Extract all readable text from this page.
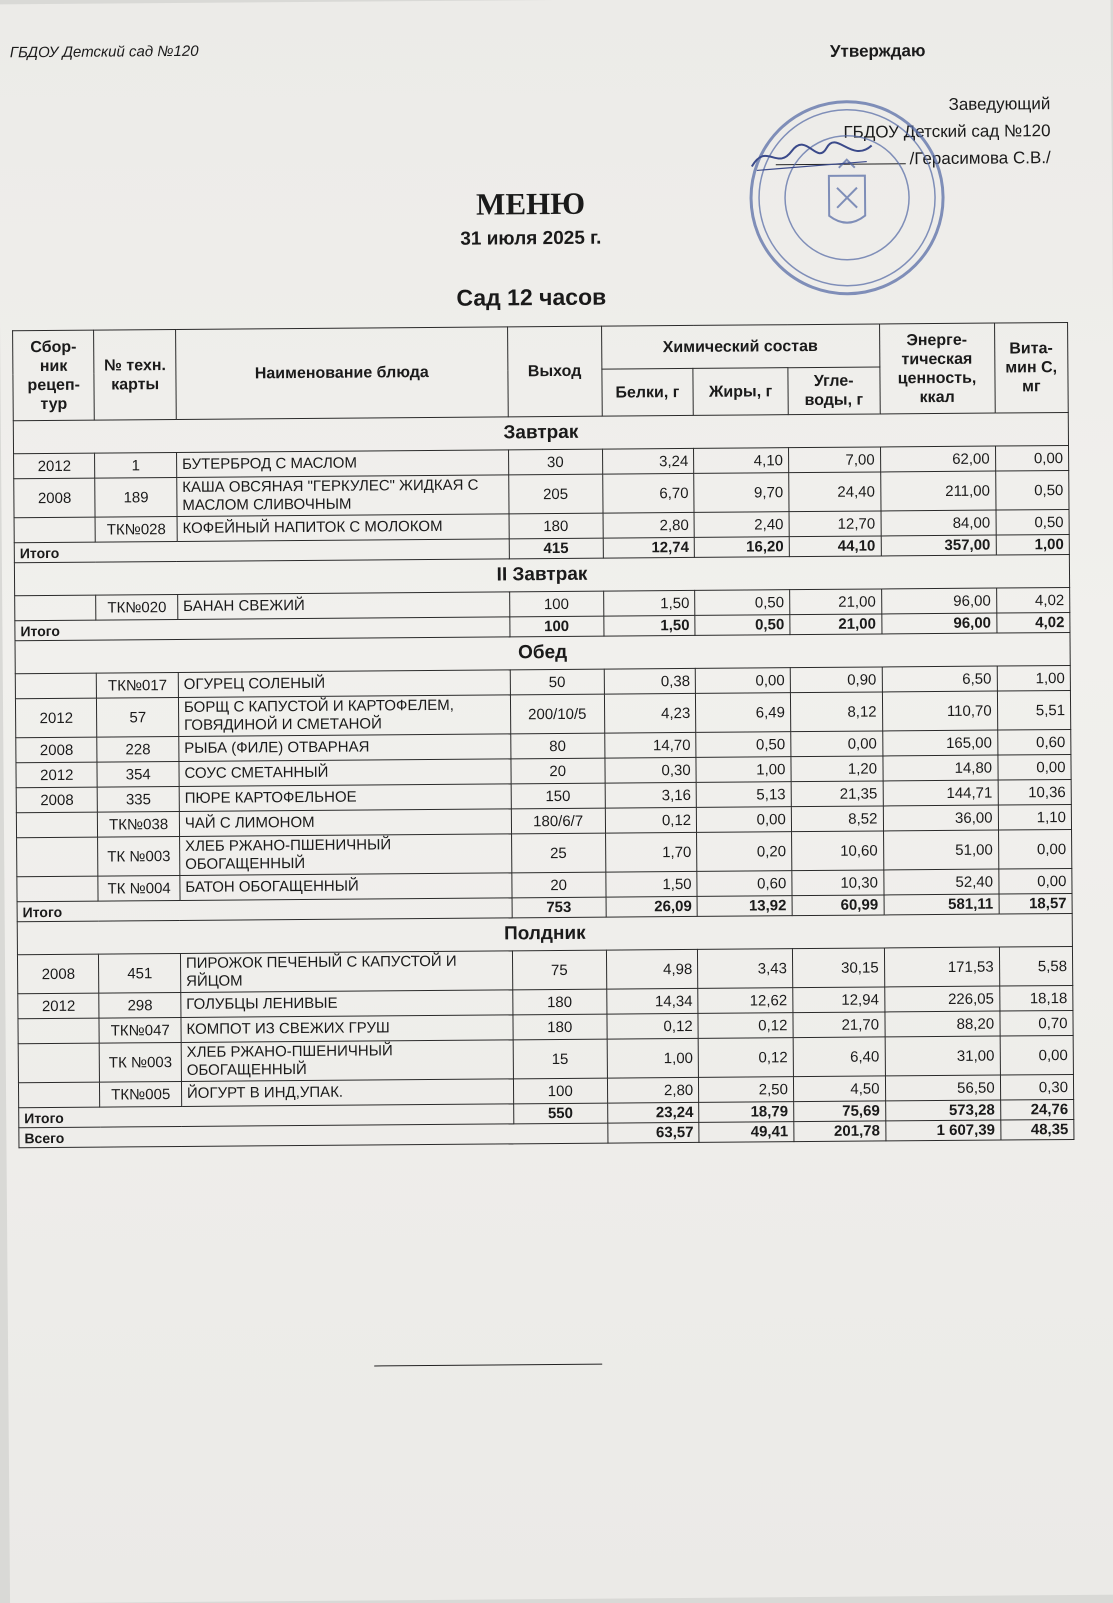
ГБДОУ Детский сад №120	Утверждаю
Заведующий
ГБДОУ Детский сад №120
/Герасимова С.В./
МЕНЮ
31 июля 2025 г.
Сад 12 часов
Сбор-ник рецеп-тур	№ техн. карты	Наименование блюда	Выход	Химический состав			Энерге-тическая ценность, ккал	Вита-мин С, мг
				Белки, г	Жиры, г	Угле-воды, г		
Завтрак								
2012	1	БУТЕРБРОД С МАСЛОМ	30	3,24	4,10	7,00	62,00	0,00
2008	189	КАША ОВСЯНАЯ "ГЕРКУЛЕС" ЖИДКАЯ С МАСЛОМ СЛИВОЧНЫМ	205	6,70	9,70	24,40	211,00	0,50
	ТК№028	КОФЕЙНЫЙ НАПИТОК С МОЛОКОМ	180	2,80	2,40	12,70	84,00	0,50
Итого			415	12,74	16,20	44,10	357,00	1,00
II Завтрак								
	ТК№020	БАНАН СВЕЖИЙ	100	1,50	0,50	21,00	96,00	4,02
Итого			100	1,50	0,50	21,00	96,00	4,02
Обед								
	ТК№017	ОГУРЕЦ СОЛЕНЫЙ	50	0,38	0,00	0,90	6,50	1,00
2012	57	БОРЩ С КАПУСТОЙ И КАРТОФЕЛЕМ, ГОВЯДИНОЙ И СМЕТАНОЙ	200/10/5	4,23	6,49	8,12	110,70	5,51
2008	228	РЫБА (ФИЛЕ) ОТВАРНАЯ	80	14,70	0,50	0,00	165,00	0,60
2012	354	СОУС СМЕТАННЫЙ	20	0,30	1,00	1,20	14,80	0,00
2008	335	ПЮРЕ КАРТОФЕЛЬНОЕ	150	3,16	5,13	21,35	144,71	10,36
	ТК№038	ЧАЙ С ЛИМОНОМ	180/6/7	0,12	0,00	8,52	36,00	1,10
	ТК №003	ХЛЕБ РЖАНО-ПШЕНИЧНЫЙ ОБОГАЩЕННЫЙ	25	1,70	0,20	10,60	51,00	0,00
	ТК №004	БАТОН ОБОГАЩЕННЫЙ	20	1,50	0,60	10,30	52,40	0,00
Итого			753	26,09	13,92	60,99	581,11	18,57
Полдник								
2008	451	ПИРОЖОК ПЕЧЕНЫЙ С КАПУСТОЙ И ЯЙЦОМ	75	4,98	3,43	30,15	171,53	5,58
2012	298	ГОЛУБЦЫ ЛЕНИВЫЕ	180	14,34	12,62	12,94	226,05	18,18
	ТК№047	КОМПОТ ИЗ СВЕЖИХ ГРУШ	180	0,12	0,12	21,70	88,20	0,70
	ТК №003	ХЛЕБ РЖАНО-ПШЕНИЧНЫЙ ОБОГАЩЕННЫЙ	15	1,00	0,12	6,40	31,00	0,00
	ТК№005	ЙОГУРТ В ИНД,УПАК.	100	2,80	2,50	4,50	56,50	0,30
Итого			550	23,24	18,79	75,69	573,28	24,76
Всего				63,57	49,41	201,78	1 607,39	48,35
